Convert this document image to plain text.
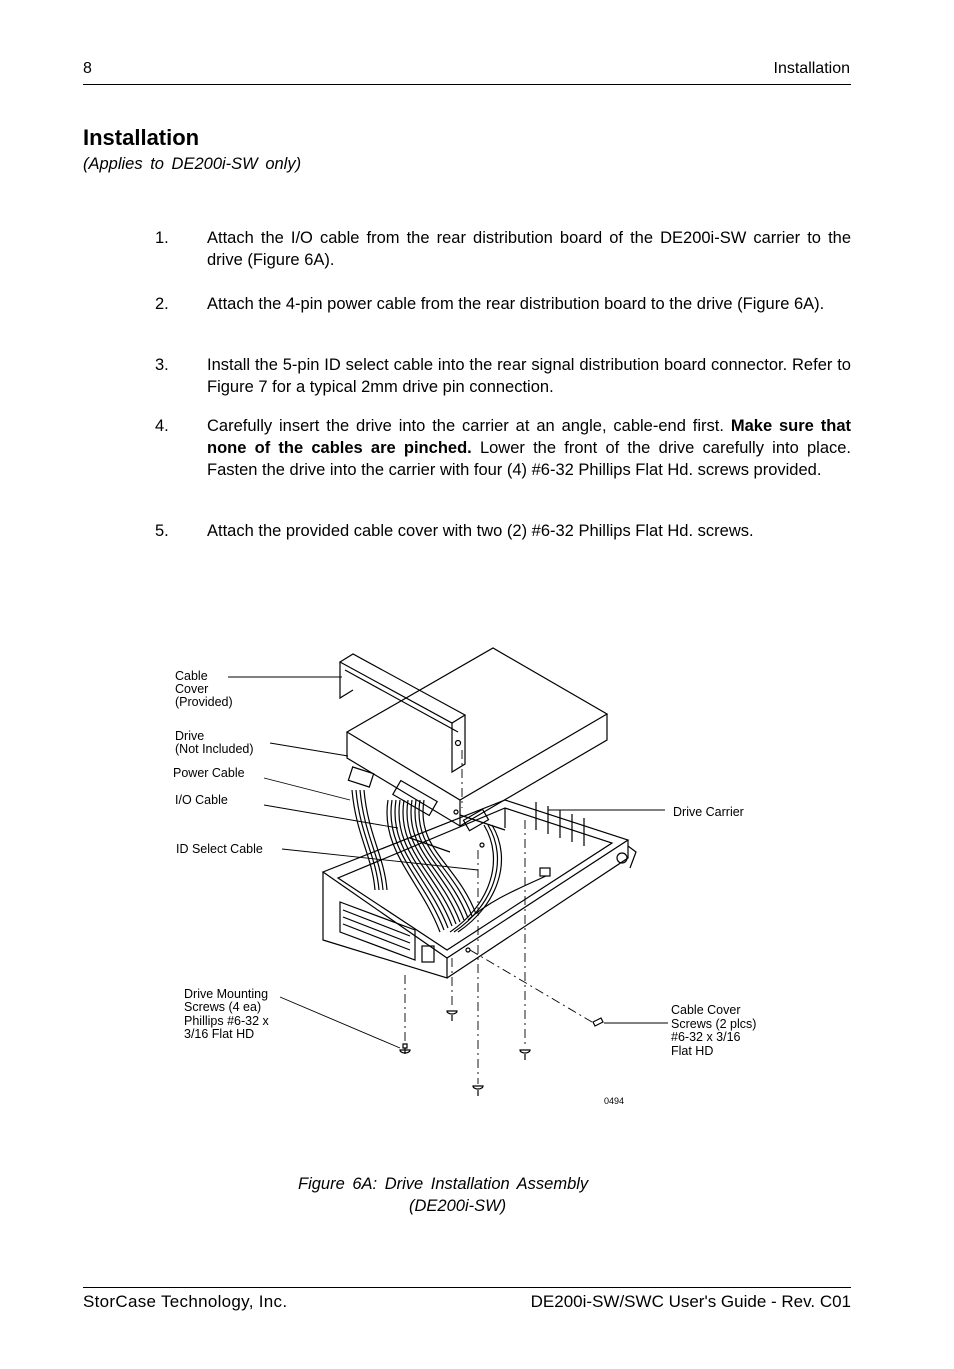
8	Installation
Installation
(Applies to DE200i-SW only)
1. Attach the I/O cable from the rear distribution board of the DE200i-SW carrier to the drive (Figure 6A).
2. Attach the 4-pin power cable from the rear distribution board to the drive (Figure 6A).
3. Install the 5-pin ID select cable into the rear signal distribution board connector. Refer to Figure 7 for a typical 2mm drive pin connection.
4. Carefully insert the drive into the carrier at an angle, cable-end first. Make sure that none of the cables are pinched. Lower the front of the drive carefully into place. Fasten the drive into the carrier with four (4) #6-32 Phillips Flat Hd. screws provided.
5. Attach the provided cable cover with two (2) #6-32 Phillips Flat Hd. screws.
Cable
Cover
(Provided)
Drive
(Not Included)
Power Cable
I/O Cable
ID Select Cable
Drive Carrier
Drive Mounting
Screws (4 ea)
Phillips #6-32 x
3/16 Flat HD
Cable Cover
Screws (2 plcs)
#6-32 x 3/16
Flat HD
0494
Figure 6A: Drive Installation Assembly
(DE200i-SW)
StorCase Technology, Inc.	DE200i-SW/SWC User's Guide - Rev. C01
